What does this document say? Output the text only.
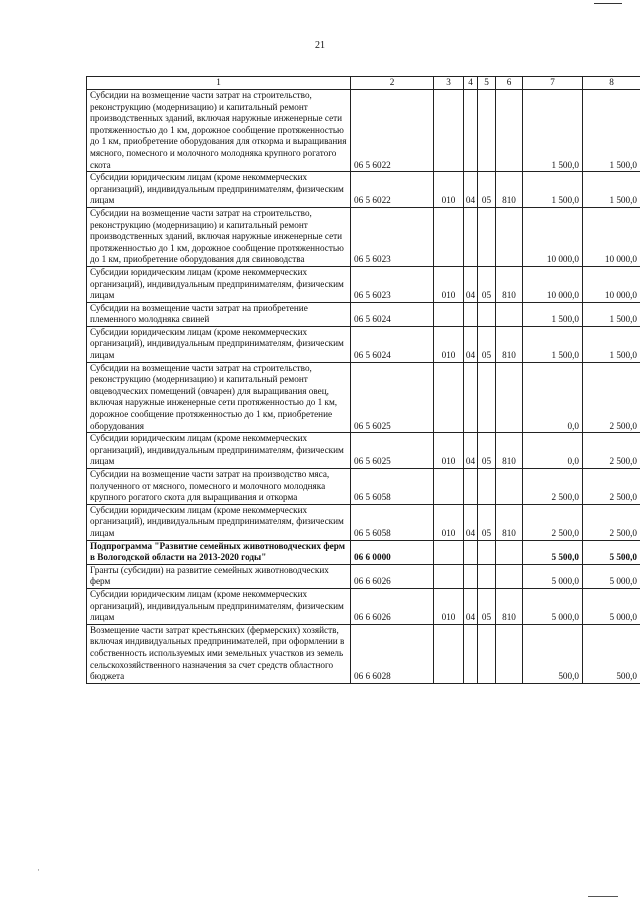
21
1	2	3	4	5	6	7	8
Субсидии на возмещение части затрат на строительство, реконструкцию (модернизацию) и капитальный ремонт производственных зданий, включая наружные инженерные сети протяженностью до 1 км, дорожное сообщение протяженностью до 1 км, приобретение оборудования для откорма и выращивания мясного, помесного и молочного молодняка крупного рогатого скота	06 5 6022					1 500,0	1 500,0
Субсидии юридическим лицам (кроме некоммерческих организаций), индивидуальным предпринимателям, физическим лицам	06 5 6022	010	04	05	810	1 500,0	1 500,0
Субсидии на возмещение части затрат на строительство, реконструкцию (модернизацию) и капитальный ремонт производственных зданий, включая наружные инженерные сети протяженностью до 1 км, дорожное сообщение протяженностью до 1 км, приобретение оборудования для свиноводства	06 5 6023					10 000,0	10 000,0
Субсидии юридическим лицам (кроме некоммерческих организаций), индивидуальным предпринимателям, физическим лицам	06 5 6023	010	04	05	810	10 000,0	10 000,0
Субсидии на возмещение части затрат на приобретение племенного молодняка свиней	06 5 6024					1 500,0	1 500,0
Субсидии юридическим лицам (кроме некоммерческих организаций), индивидуальным предпринимателям, физическим лицам	06 5 6024	010	04	05	810	1 500,0	1 500,0
Субсидии на возмещение части затрат на строительство, реконструкцию (модернизацию) и капитальный ремонт овцеводческих помещений (овчарен) для выращивания овец, включая наружные инженерные сети протяженностью до 1 км, дорожное сообщение протяженностью до 1 км, приобретение оборудования	06 5 6025					0,0	2 500,0
Субсидии юридическим лицам (кроме некоммерческих организаций), индивидуальным предпринимателям, физическим лицам	06 5 6025	010	04	05	810	0,0	2 500,0
Субсидии на возмещение части затрат на производство мяса, полученного от мясного, помесного и молочного молодняка крупного рогатого скота для выращивания и откорма	06 5 6058					2 500,0	2 500,0
Субсидии юридическим лицам (кроме некоммерческих организаций), индивидуальным предпринимателям, физическим лицам	06 5 6058	010	04	05	810	2 500,0	2 500,0
Подпрограмма "Развитие семейных животноводческих ферм в Вологодской области на 2013-2020 годы"	06 6 0000					5 500,0	5 500,0
Гранты (субсидии) на развитие семейных животноводческих ферм	06 6 6026					5 000,0	5 000,0
Субсидии юридическим лицам (кроме некоммерческих организаций), индивидуальным предпринимателям, физическим лицам	06 6 6026	010	04	05	810	5 000,0	5 000,0
Возмещение части затрат крестьянских (фермерских) хозяйств, включая индивидуальных предпринимателей, при оформлении в собственность используемых ими земельных участков из земель сельскохозяйственного назначения за счет средств областного бюджета	06 6 6028					500,0	500,0
·
